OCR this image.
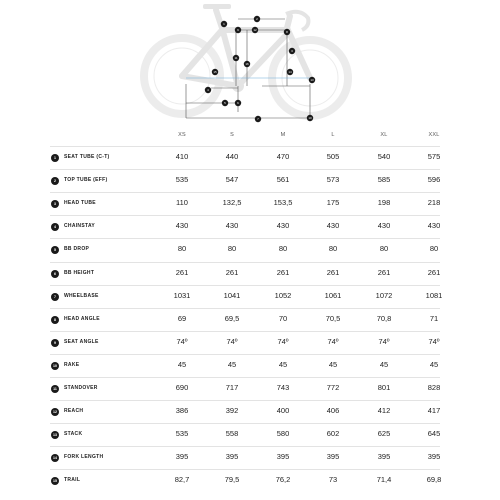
1
2
3
4
5	6
7
8
9
10
11
12
13
14
15
16
XS	S	M	L	XL	XXL
1	SEAT TUBE (C-T)	410	440	470	505	540	575
2	TOP TUBE (EFF)	535	547	561	573	585	596
3	HEAD TUBE	110	132,5	153,5	175	198	218
4	CHAINSTAY	430	430	430	430	430	430
5	BB DROP	80	80	80	80	80	80
6	BB HEIGHT	261	261	261	261	261	261
7	WHEELBASE	1031	1041	1052	1061	1072	1081
8	HEAD ANGLE	69	69,5	70	70,5	70,8	71
9	SEAT ANGLE	74º	74º	74º	74º	74º	74º
10	RAKE	45	45	45	45	45	45
11	STANDOVER	690	717	743	772	801	828
12	REACH	386	392	400	406	412	417
13	STACK	535	558	580	602	625	645
14	FORK LENGTH	395	395	395	395	395	395
15	TRAIL	82,7	79,5	76,2	73	71,4	69,8
